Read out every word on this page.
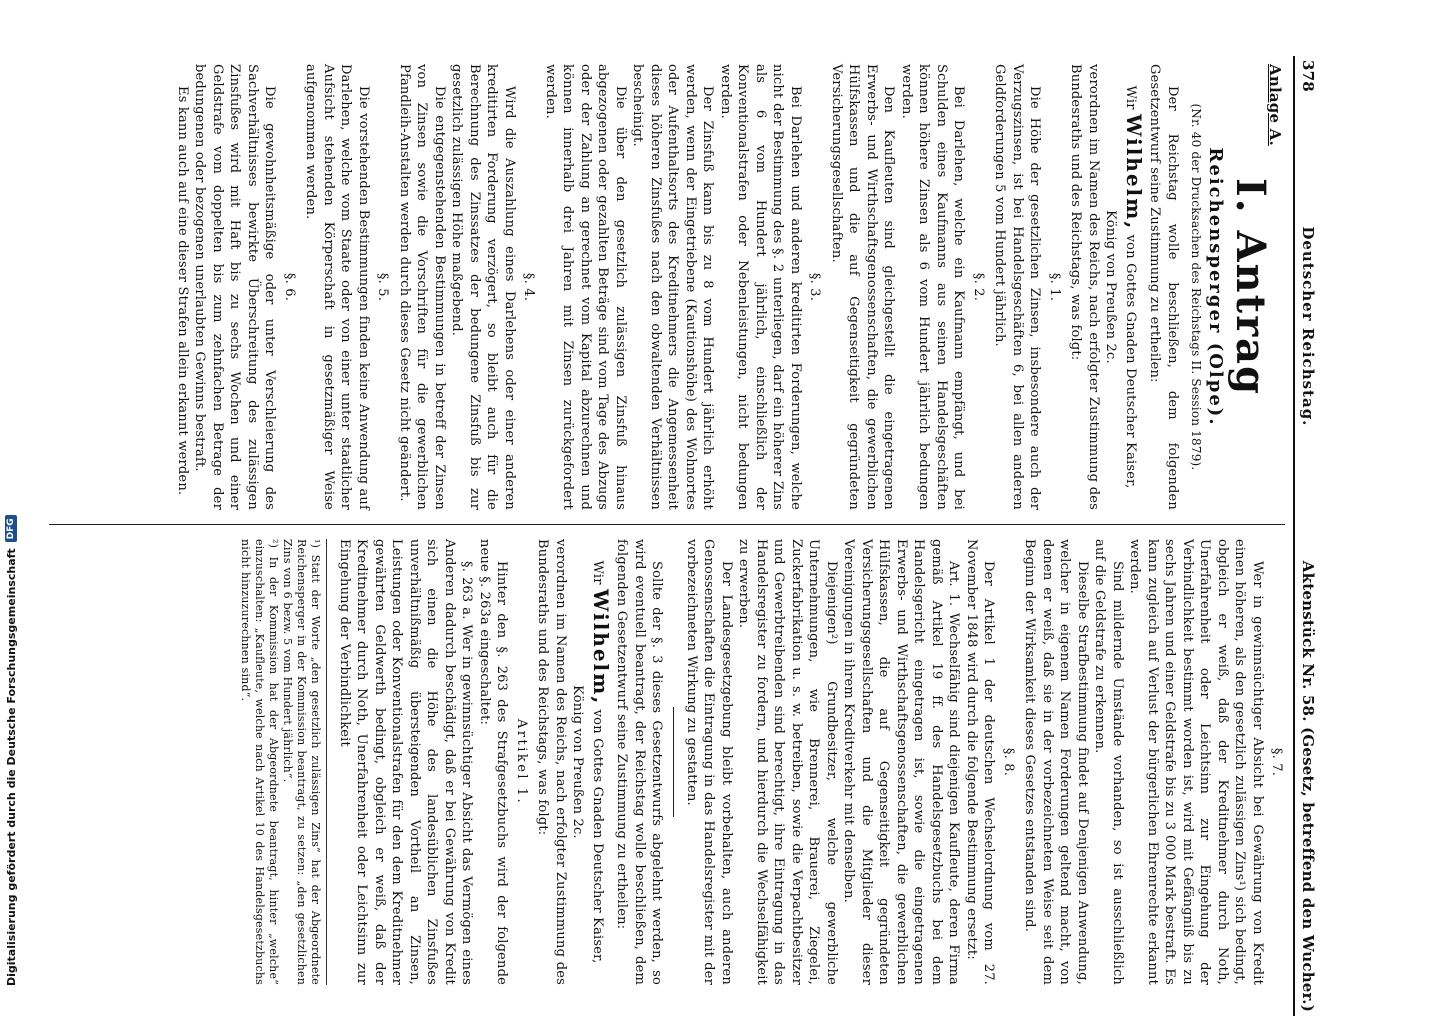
378
Deutscher Reichstag.
Aktenstück Nr. 58. (Gesetz, betreffend den Wucher.)
Anlage A.
I. Antrag
Reichensperger (Olpe).
(Nr. 40 der Drucksachen des Reichstags II. Session 1879).

Der Reichstag wolle beschließen, dem folgenden Gesetzentwurf seine Zustimmung zu ertheilen:

Wir Wilhelm, von Gottes Gnaden Deutscher Kaiser,
König von Preußen 2c.

verordnen im Namen des Reichs, nach erfolgter Zustimmung des Bundesraths und des Reichstags, was folgt:

§. 1.

Die Höhe der gesetzlichen Zinsen, insbesondere auch der Verzugszinsen, ist bei Handelsgeschäften 6, bei allen anderen Geldforderungen 5 vom Hundert jährlich.

§. 2.

Bei Darlehen, welche ein Kaufmann empfängt, und bei Schulden eines Kaufmanns aus seinen Handelsgeschäften können höhere Zinsen als 6 vom Hundert jährlich bedungen werden.

Den Kaufleuten sind gleichgestellt die eingetragenen Erwerbs- und Wirthschaftsgenossenschaften, die gewerblichen Hülfskassen und die auf Gegenseitigkeit gegründeten Versicherungsgesellschaften.

§. 3.

Bei Darlehen und anderen kreditirten Forderungen, welche nicht der Bestimmung des §. 2 unterliegen, darf ein höherer Zins als 6 vom Hundert jährlich, einschließlich der Konventionalstrafen oder Nebenleistungen, nicht bedungen werden.

Der Zinsfuß kann bis zu 8 vom Hundert jährlich erhöht werden, wenn der Eingetriebene (Kautionshöhe) des Wohnortes oder Aufenthaltsorts des Kreditnehmers die Angemessenheit dieses höheren Zinsfußes nach den obwaltenden Verhältnissen bescheinigt.

Die über den gesetzlich zulässigen Zinsfuß hinaus abgezogenen oder gezahlten Beträge sind vom Tage des Abzugs oder der Zahlung an gerechnet vom Kapital abzurechnen und können innerhalb drei Jahren mit Zinsen zurückgefordert werden.

§. 4.

Wird die Auszahlung eines Darlehens oder einer anderen kreditirten Forderung verzögert, so bleibt auch für die Berechnung des Zinssatzes der bedungene Zinsfuß bis zur gesetzlich zulässigen Höhe maßgebend.

Die entgegenstehenden Bestimmungen in betreff der Zinsen von Zinsen sowie die Vorschriften für die gewerblichen Pfandleih-Anstalten werden durch dieses Gesetz nicht geändert.

§. 5.

Die vorstehenden Bestimmungen finden keine Anwendung auf Darlehen, welche vom Staate oder von einer unter staatlicher Aufsicht stehenden Körperschaft in gesetzmäßiger Weise aufgenommen werden.

§. 6.

Die gewohnheitsmäßige oder unter Verschleierung des Sachverhältnisses bewirkte Überschreitung des zulässigen Zinsfußes wird mit Haft bis zu sechs Wochen und einer Geldstrafe vom doppelten bis zum zehnfachen Betrage der bedungenen oder bezogenen unerlaubten Gewinns bestraft.

Es kann auch auf eine dieser Strafen allein erkannt werden.

§. 7.

Wer in gewinnsüchtiger Absicht bei Gewährung von Kredit einen höheren, als den gesetzlich zulässigen Zins¹) sich bedingt, obgleich er weiß, daß der Kreditnehmer durch Noth, Unerfahrenheit oder Leichtsinn zur Eingehung der Verbindlichkeit bestimmt worden ist, wird mit Gefängniß bis zu sechs Jahren und einer Geldstrafe bis zu 3 000 Mark bestraft. Es kann zugleich auf Verlust der bürgerlichen Ehrenrechte erkannt werden.

Sind mildernde Umstände vorhanden, so ist ausschließlich auf die Geldstrafe zu erkennen.

Dieselbe Strafbestimmung findet auf Denjenigen Anwendung, welcher in eigenem Namen Forderungen geltend macht, von denen er weiß, daß sie in der vorbezeichneten Weise seit dem Beginn der Wirksamkeit dieses Gesetzes entstanden sind.

§. 8.

Der Artikel 1 der deutschen Wechselordnung vom 27. November 1848 wird durch die folgende Bestimmung ersetzt:

Art. 1. Wechselfähig sind diejenigen Kaufleute, deren Firma gemäß Artikel 19 ff. des Handelsgesetzbuchs bei dem Handelsgericht eingetragen ist, sowie die eingetragenen Erwerbs- und Wirthschaftsgenossenschaften, die gewerblichen Hülfskassen, die auf Gegenseitigkeit gegründeten Versicherungsgesellschaften und die Mitglieder dieser Vereinigungen in ihrem Kreditverkehr mit denselben.

Diejenigen²) Grundbesitzer, welche gewerbliche Unternehmungen, wie Brennerei, Brauerei, Ziegelei, Zuckerfabrikation u. s. w. betreiben, sowie die Verpachtbesitzer und Gewerbtreibenden sind berechtigt, ihre Eintragung in das Handelsregister zu fordern, und hierdurch die Wechselfähigkeit zu erwerben.

Der Landesgesetzgebung bleibt vorbehalten, auch anderen Genossenschaften die Eintragung in das Handelsregister mit der vorbezeichneten Wirkung zu gestatten.

Sollte der §. 3 dieses Gesetzentwurfs abgelehnt werden, so wird eventuell beantragt, der Reichstag wolle beschließen, dem folgenden Gesetzentwurf seine Zustimmung zu ertheilen:

Wir Wilhelm, von Gottes Gnaden Deutscher Kaiser,
König von Preußen 2c.

verordnen im Namen des Reichs, nach erfolgter Zustimmung des Bundesraths und des Reichstags, was folgt:

Artikel 1.

Hinter den §. 263 des Strafgesetzbuchs wird der folgende neue §. 263a eingeschaltet:

§. 263 a. Wer in gewinnsüchtiger Absicht das Vermögen eines Anderen dadurch beschädigt, daß er bei Gewährung von Kredit sich einen die Höhe des landesüblichen Zinsfußes unverhältnißmäßig übersteigenden Vortheil an Zinsen, Leistungen oder Konventionalstrafen für den dem Kreditnehmer gewährten Geldwerth bedingt, obgleich er weiß, daß der Kreditnehmer durch Noth, Unerfahrenheit oder Leichtsinn zur Eingehung der Verbindlichkeit

¹) Statt der Worte „den gesetzlich zulässigen Zins“ hat der Abgeordnete Reichensperger in der Kommission beantragt, zu setzen: „den gesetzlichen Zins von 6 bezw. 5 vom Hundert jährlich“.
²) In der Kommission hat der Abgeordnete beantragt, hinter „welche“ einzuschalten: „Kaufleute, welche nach Artikel 10 des Handelsgesetzbuchs nicht hinzuzurechnen sind“.
Digitalisierung gefördert durch die Deutsche Forschungsgemeinschaft
DFG
